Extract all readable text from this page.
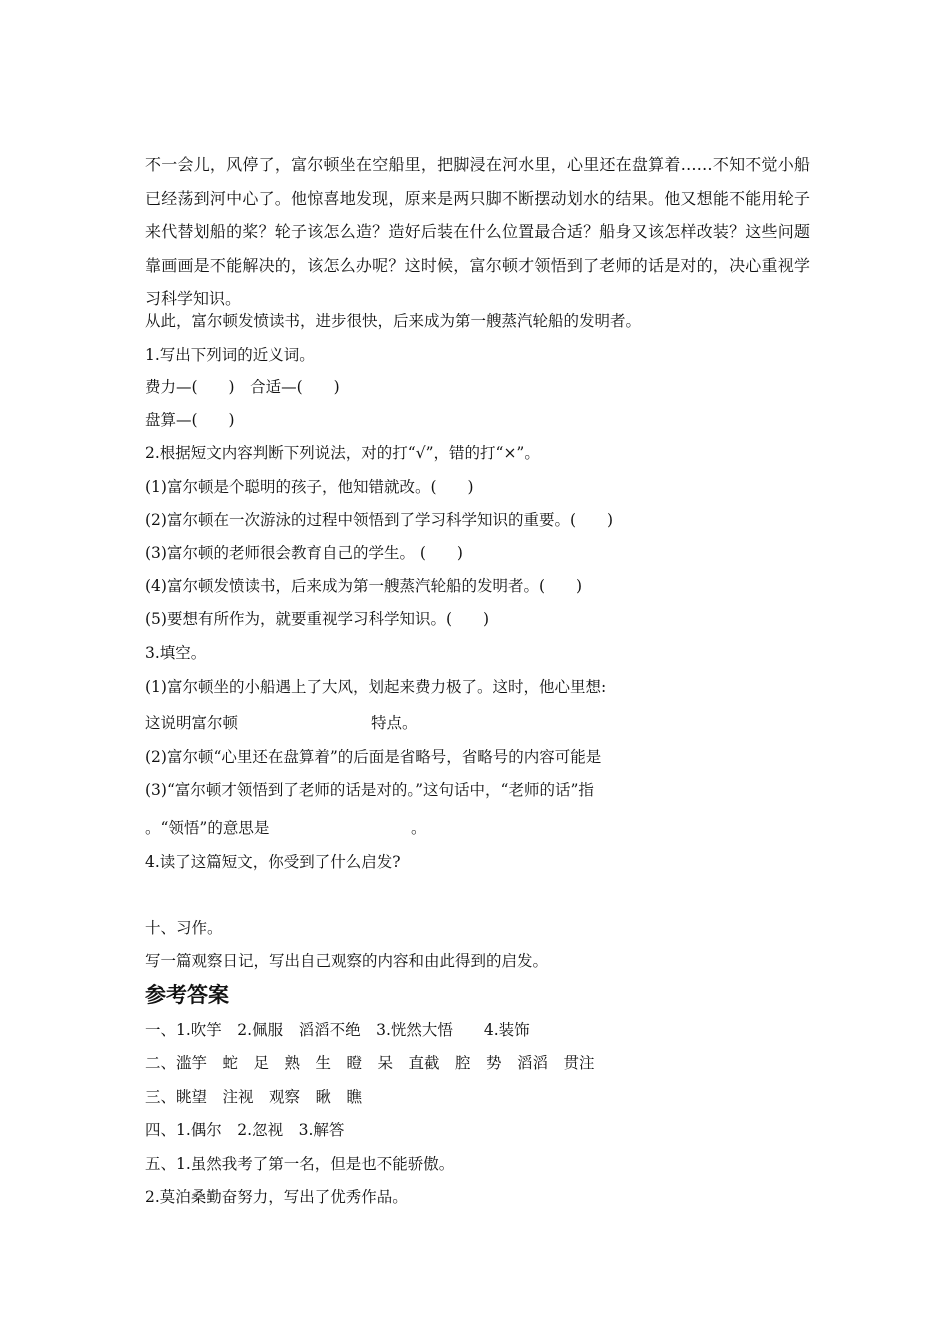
不一会儿，风停了，富尔顿坐在空船里，把脚浸在河水里，心里还在盘算着……不知不觉小船已经荡到河中心了。他惊喜地发现，原来是两只脚不断摆动划水的结果。他又想能不能用轮子来代替划船的桨？轮子该怎么造？造好后装在什么位置最合适？船身又该怎样改装？这些问题靠画画是不能解决的，该怎么办呢？这时候，富尔顿才领悟到了老师的话是对的，决心重视学习科学知识。
从此，富尔顿发愤读书，进步很快，后来成为第一艘蒸汽轮船的发明者。
1.写出下列词的近义词。
费力—(　　)　合适—(　　)
盘算—(　　)
2.根据短文内容判断下列说法，对的打“√”，错的打“×”。
(1)富尔顿是个聪明的孩子，他知错就改。(　　)
(2)富尔顿在一次游泳的过程中领悟到了学习科学知识的重要。(　　)
(3)富尔顿的老师很会教育自己的学生。 (　　)
(4)富尔顿发愤读书，后来成为第一艘蒸汽轮船的发明者。(　　)
(5)要想有所作为，就要重视学习科学知识。(　　)
3.填空。
(1)富尔顿坐的小船遇上了大风，划起来费力极了。这时，他心里想:
这说明富尔顿	特点。
(2)富尔顿“心里还在盘算着”的后面是省略号，省略号的内容可能是
(3)“富尔顿才领悟到了老师的话是对的。”这句话中，“老师的话”指
。“领悟”的意思是	。
4.读了这篇短文，你受到了什么启发?
十、习作。
写一篇观察日记，写出自己观察的内容和由此得到的启发。
参考答案
一、1.吹竽　2.佩服　滔滔不绝　3.恍然大悟　　4.装饰
二、滥竽　蛇　足　熟　生　瞪　呆　直截　腔　势　滔滔　贯注
三、眺望　注视　观察　瞅　瞧
四、1.偶尔　2.忽视　3.解答
五、1.虽然我考了第一名，但是也不能骄傲。
2.莫泊桑勤奋努力，写出了优秀作品。
